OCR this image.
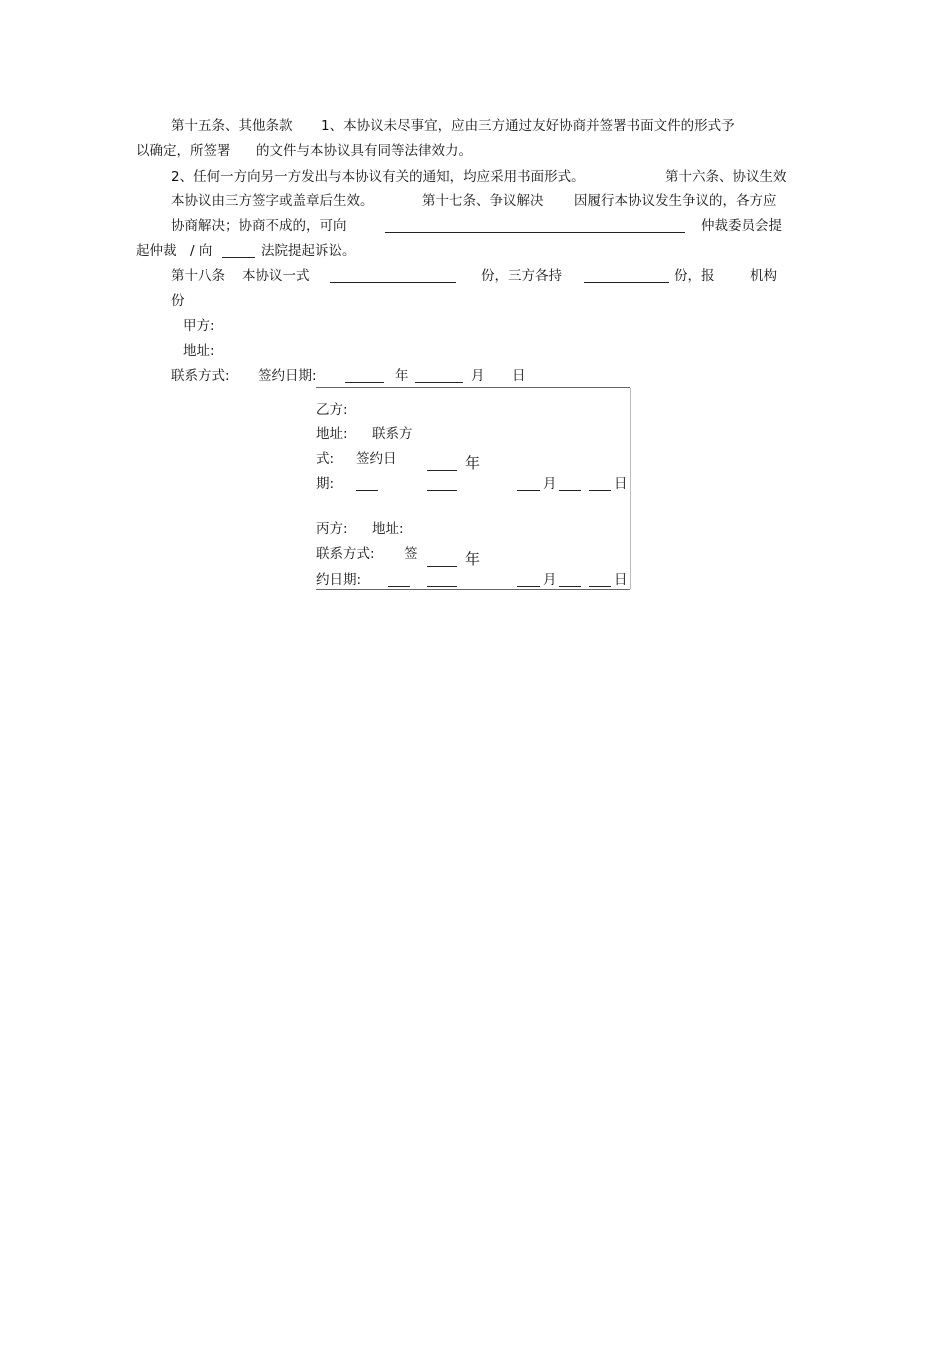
第十五条、其他条款 1、本协议未尽事宜，应由三方通过友好协商并签署书面文件的形式予
以确定，所签署 的文件与本协议具有同等法律效力。
2、任何一方向另一方发出与本协议有关的通知，均应采用书面形式。	第十六条、协议生效
本协议由三方签字或盖章后生效。	第十七条、争议解决 因履行本协议发生争议的，各方应
协商解决；协商不成的，可向	仲裁委员会提
起仲裁 / 向	法院提起诉讼。
第十八条 本协议一式	份，三方各持	份，报	机构
份
甲方:
地址:
联系方式: 签约日期:	年	月 日
乙方:
地址: 联系方
式: 签约日	年
期:	月	日
丙方: 地址:
联系方式: 签	年
约日期:	月	日
